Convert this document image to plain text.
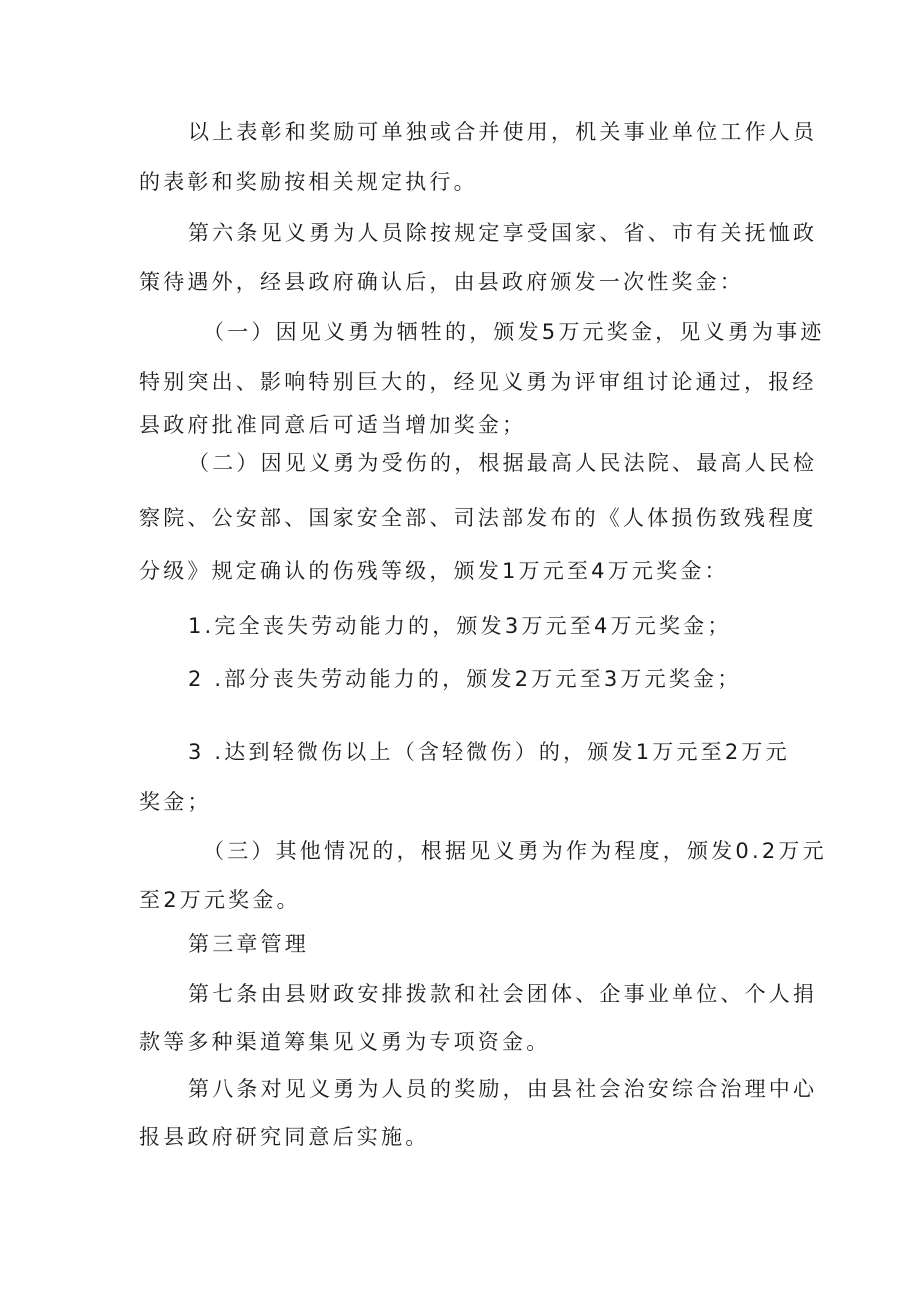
以上表彰和奖励可单独或合并使用，机关事业单位工作人员
的表彰和奖励按相关规定执行。
第六条见义勇为人员除按规定享受国家、省、市有关抚恤政
策待遇外，经县政府确认后，由县政府颁发一次性奖金：
（一）因见义勇为牺牲的，颁发5万元奖金，见义勇为事迹
特别突出、影响特别巨大的，经见义勇为评审组讨论通过，报经
县政府批准同意后可适当增加奖金；
（二）因见义勇为受伤的，根据最高人民法院、最高人民检
察院、公安部、国家安全部、司法部发布的《人体损伤致残程度
分级》规定确认的伤残等级，颁发1万元至4万元奖金：
1.完全丧失劳动能力的，颁发3万元至4万元奖金；
2 .部分丧失劳动能力的，颁发2万元至3万元奖金；
3 .达到轻微伤以上（含轻微伤）的，颁发1万元至2万元
奖金；
（三）其他情况的，根据见义勇为作为程度，颁发0.2万元
至2万元奖金。
第三章管理
第七条由县财政安排拨款和社会团体、企事业单位、个人捐
款等多种渠道筹集见义勇为专项资金。
第八条对见义勇为人员的奖励，由县社会治安综合治理中心
报县政府研究同意后实施。
